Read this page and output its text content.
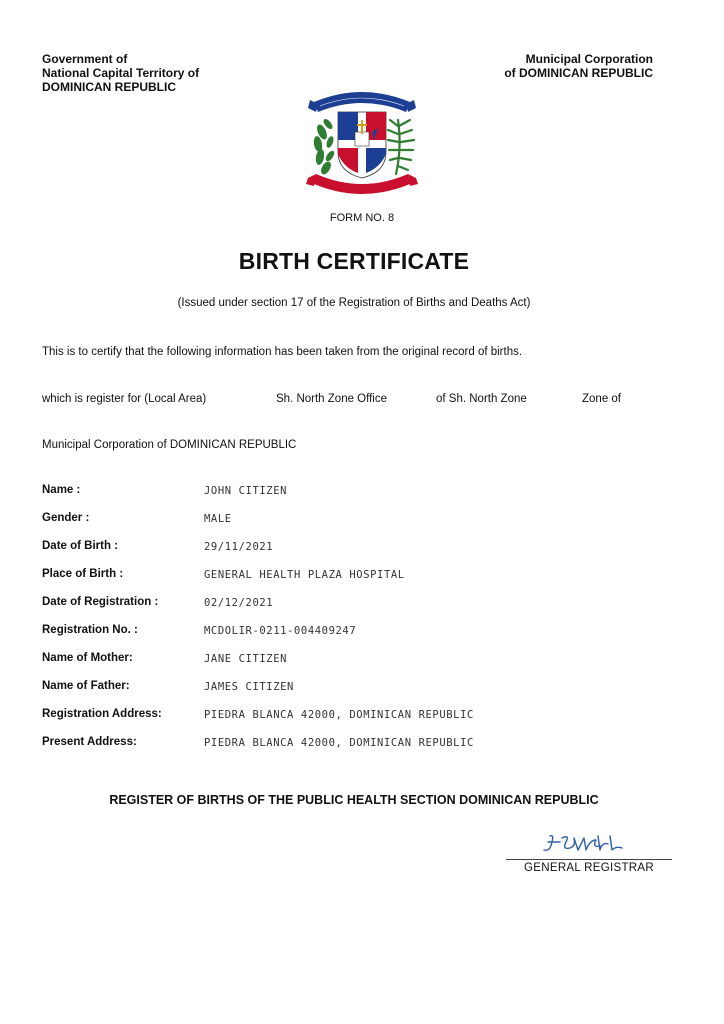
Government of
National Capital Territory of
DOMINICAN REPUBLIC
Municipal Corporation
of DOMINICAN REPUBLIC
FORM NO. 8
BIRTH CERTIFICATE
(Issued under section 17 of the Registration of Births and Deaths Act)
This is to certify that the following information has been taken from the original record of births.
which is register for (Local Area)	Sh. North Zone Office	of Sh. North Zone	Zone of
Municipal Corporation of DOMINICAN REPUBLIC
Name :	JOHN CITIZEN
Gender :	MALE
Date of Birth :	29/11/2021
Place of Birth :	GENERAL HEALTH PLAZA HOSPITAL
Date of Registration :	02/12/2021
Registration No. :	MCDOLIR-0211-004409247
Name of Mother:	JANE CITIZEN
Name of Father:	JAMES CITIZEN
Registration Address:	PIEDRA BLANCA 42000, DOMINICAN REPUBLIC
Present Address:	PIEDRA BLANCA 42000, DOMINICAN REPUBLIC
REGISTER OF BIRTHS OF THE PUBLIC HEALTH SECTION DOMINICAN REPUBLIC
GENERAL REGISTRAR
